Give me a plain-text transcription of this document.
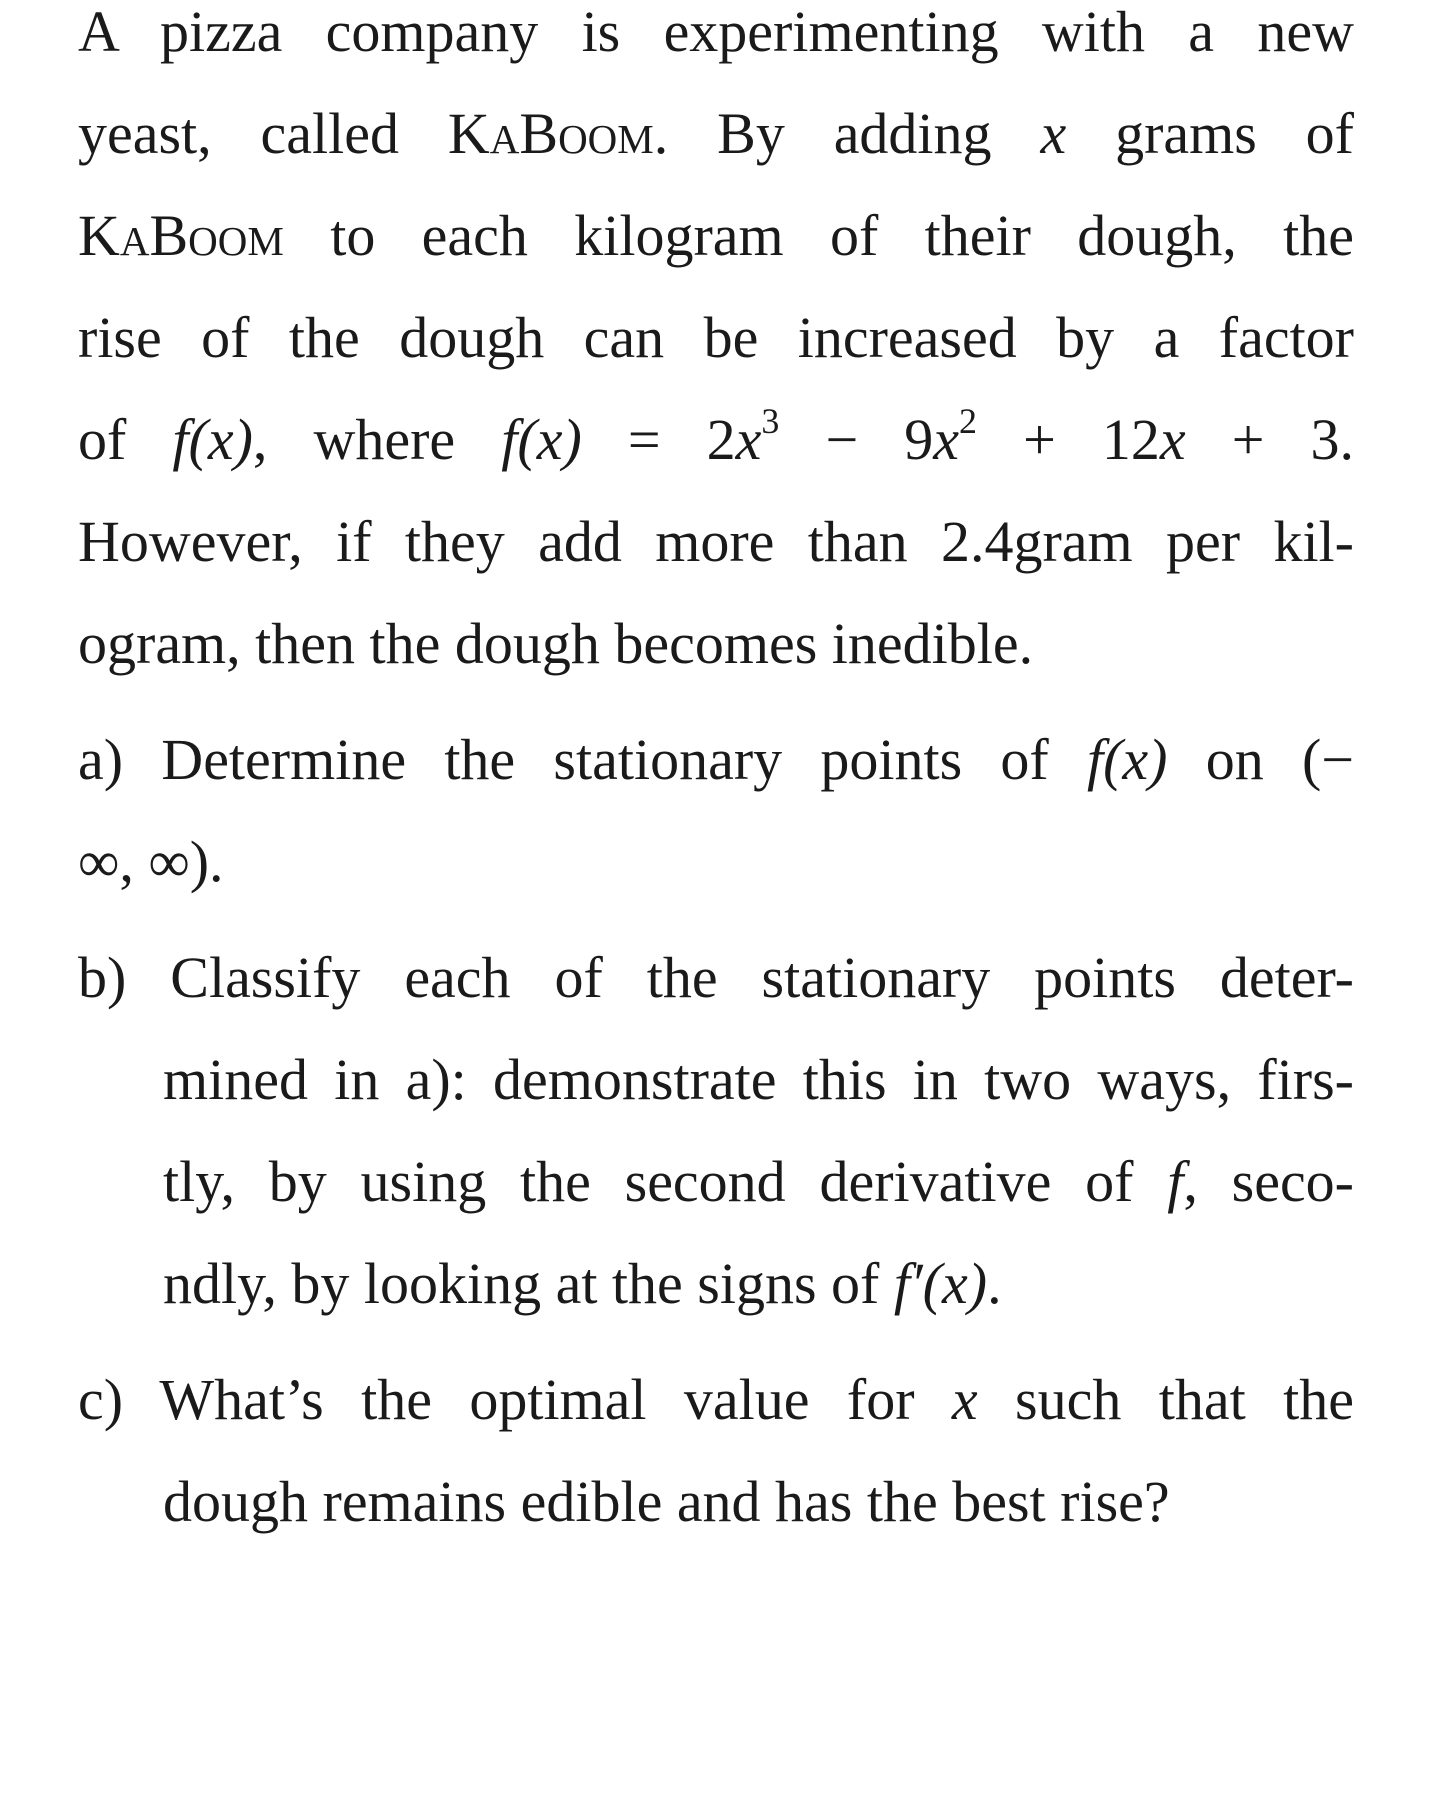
A pizza company is experimenting with a new
yeast, called KaBoom. By adding x grams of
KaBoom to each kilogram of their dough, the
rise of the dough can be increased by a factor
of f(x), where $f(x) = 2x^3 - 9x^2 + 12x + 3$.
However, if they add more than 2.4gram per kil-
ogram, then the dough becomes inedible.
a) Determine the stationary points of f(x) on (−
∞, ∞).
b) Classify each of the stationary points deter-
mined in a): demonstrate this in two ways, firs-
tly, by using the second derivative of f, seco-
ndly, by looking at the signs of f′(x).
c) What’s the optimal value for x such that the
dough remains edible and has the best rise?
